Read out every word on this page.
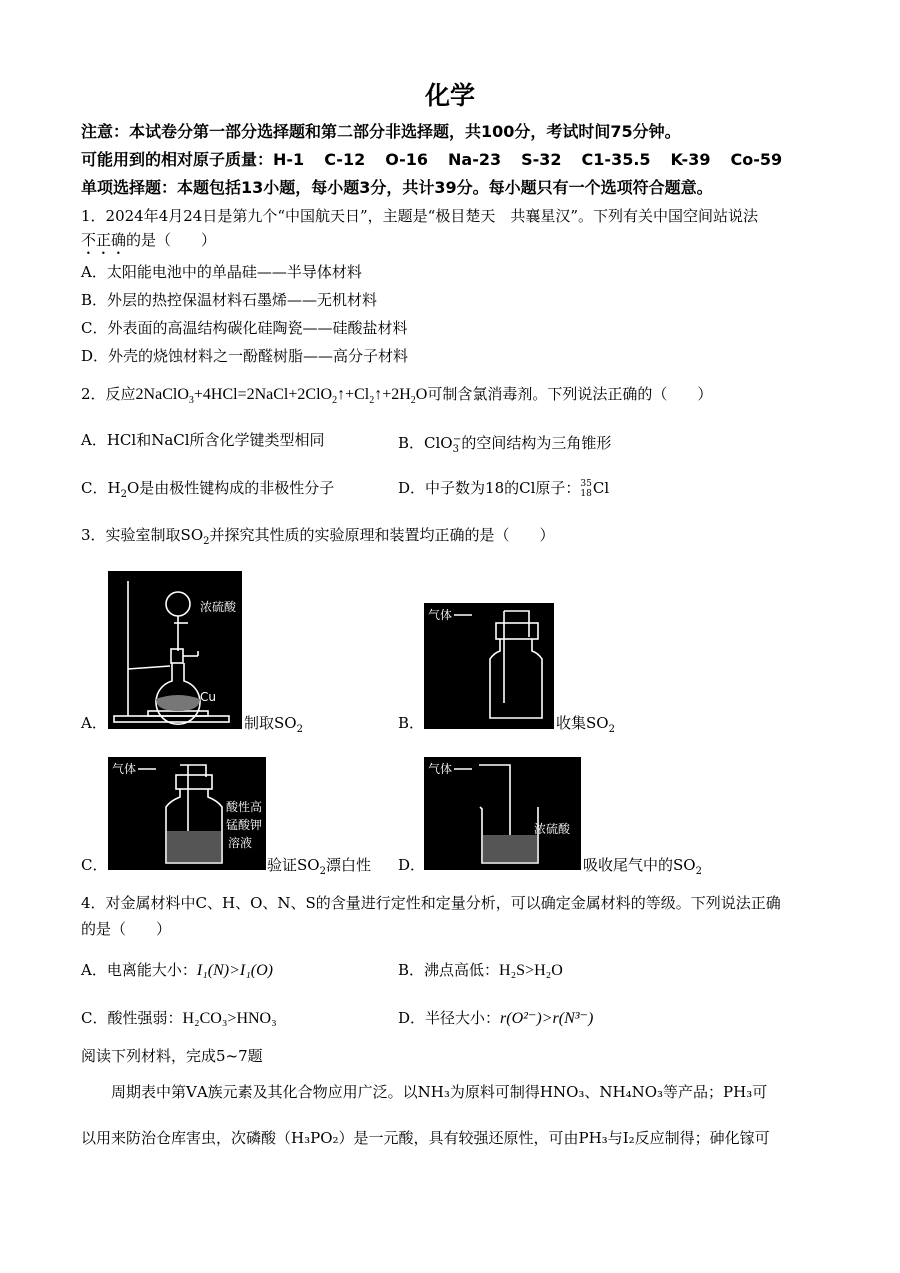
化学
注意：本试卷分第一部分选择题和第二部分非选择题，共100分，考试时间75分钟。
可能用到的相对原子质量：H-1 C-12 O-16 Na-23 S-32 C1-35.5 K-39 Co-59
单项选择题：本题包括13小题，每小题3分，共计39分。每小题只有一个选项符合题意。
1．2024年4月24日是第九个“中国航天日”，主题是“极目楚天　共襄星汉”。下列有关中国空间站说法
不正确的是（　　）
A．太阳能电池中的单晶硅——半导体材料
B．外层的热控保温材料石墨烯——无机材料
C．外表面的高温结构碳化硅陶瓷——硅酸盐材料
D．外壳的烧蚀材料之一酚醛树脂——高分子材料
2．反应$2NaClO_3+4HCl=2NaCl+2ClO_2↑+Cl_2↑+2H_2O$可制含氯消毒剂。下列说法正确的（　　）
A．HCl和NaCl所含化学键类型相同	B．ClO$_3$−的空间结构为三角锥形
C．$H_2O$是由极性键构成的非极性分子	D．中子数为18的Cl原子： 35
18 Cl
3．实验室制取$SO_2$并探究其性质的实验原理和装置均正确的是（　　）
浓硫酸
Cu
A．	制取$SO_2$
气体
B．	收集$SO_2$
气体
酸性高
锰酸钾
溶液
C．	验证$SO_2$漂白性
气体
浓硫酸
D．	吸收尾气中的$SO_2$
4．对金属材料中C、H、O、N、S的含量进行定性和定量分析，可以确定金属材料的等级。下列说法正确
的是（　　）
A．电离能大小：I₁(N)>I₁(O)	B．沸点高低：H₂S>H₂O
C．酸性强弱：H₂CO₃>HNO₃	D．半径大小：r(O²⁻)>r(N³⁻)
阅读下列材料，完成5~7题
周期表中第ⅤA族元素及其化合物应用广泛。以NH₃为原料可制得HNO₃、NH₄NO₃等产品；PH₃可
以用来防治仓库害虫，次磷酸（H₃PO₂）是一元酸，具有较强还原性，可由PH₃与I₂反应制得；砷化镓可
